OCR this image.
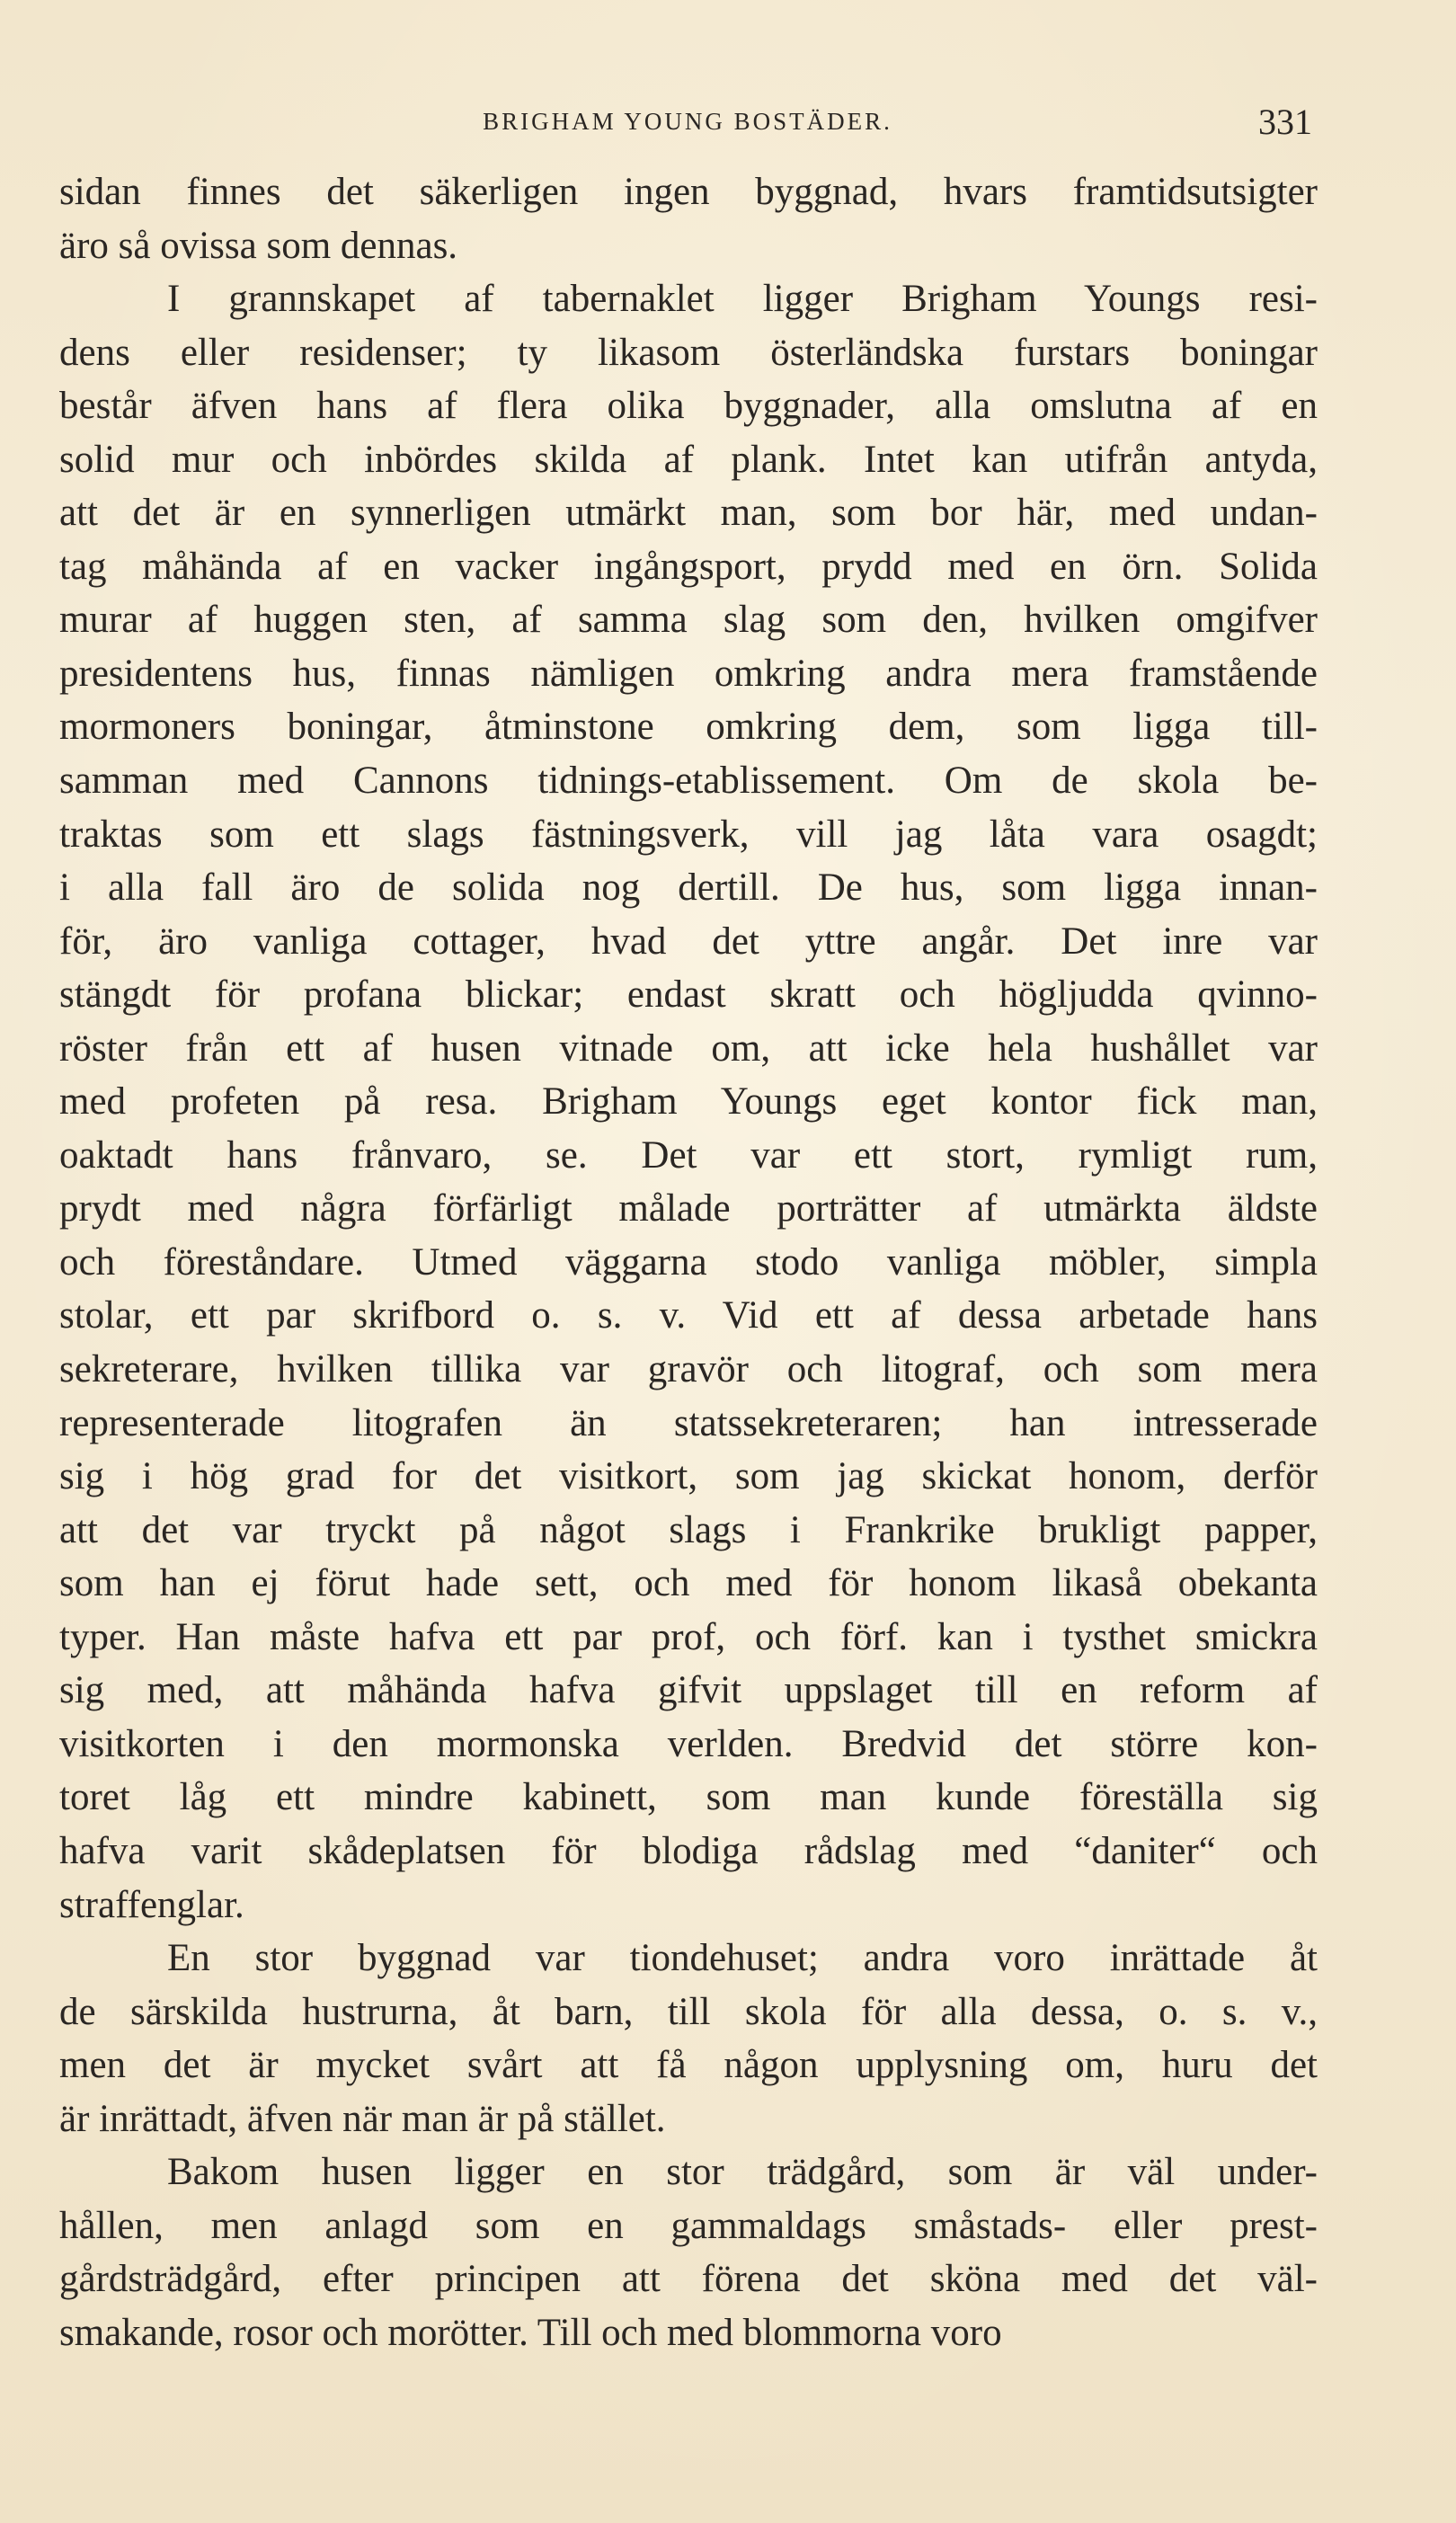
BRIGHAM YOUNG BOSTÄDER.	331
sidan finnes det säkerligen ingen byggnad, hvars framtidsutsigter
äro så ovissa som dennas.
I grannskapet af tabernaklet ligger Brigham Youngs resi-
dens eller residenser; ty likasom österländska furstars boningar
består äfven hans af flera olika byggnader, alla omslutna af en
solid mur och inbördes skilda af plank. Intet kan utifrån antyda,
att det är en synnerligen utmärkt man, som bor här, med undan-
tag måhända af en vacker ingångsport, prydd med en örn. Solida
murar af huggen sten, af samma slag som den, hvilken omgifver
presidentens hus, finnas nämligen omkring andra mera framstående
mormoners boningar, åtminstone omkring dem, som ligga till-
samman med Cannons tidnings-etablissement. Om de skola be-
traktas som ett slags fästningsverk, vill jag låta vara osagdt;
i alla fall äro de solida nog dertill. De hus, som ligga innan-
för, äro vanliga cottager, hvad det yttre angår. Det inre var
stängdt för profana blickar; endast skratt och högljudda qvinno-
röster från ett af husen vitnade om, att icke hela hushållet var
med profeten på resa. Brigham Youngs eget kontor fick man,
oaktadt hans frånvaro, se. Det var ett stort, rymligt rum,
prydt med några förfärligt målade porträtter af utmärkta äldste
och föreståndare. Utmed väggarna stodo vanliga möbler, simpla
stolar, ett par skrifbord o. s. v. Vid ett af dessa arbetade hans
sekreterare, hvilken tillika var gravör och litograf, och som mera
representerade litografen än statssekreteraren; han intresserade
sig i hög grad for det visitkort, som jag skickat honom, derför
att det var tryckt på något slags i Frankrike brukligt papper,
som han ej förut hade sett, och med för honom likaså obekanta
typer. Han måste hafva ett par prof, och förf. kan i tysthet smickra
sig med, att måhända hafva gifvit uppslaget till en reform af
visitkorten i den mormonska verlden. Bredvid det större kon-
toret låg ett mindre kabinett, som man kunde föreställa sig
hafva varit skådeplatsen för blodiga rådslag med “daniter“ och
straffenglar.
En stor byggnad var tiondehuset; andra voro inrättade åt
de särskilda hustrurna, åt barn, till skola för alla dessa, o. s. v.,
men det är mycket svårt att få någon upplysning om, huru det
är inrättadt, äfven när man är på stället.
Bakom husen ligger en stor trädgård, som är väl under-
hållen, men anlagd som en gammaldags småstads- eller prest-
gårdsträdgård, efter principen att förena det sköna med det väl-
smakande, rosor och morötter. Till och med blommorna voro
